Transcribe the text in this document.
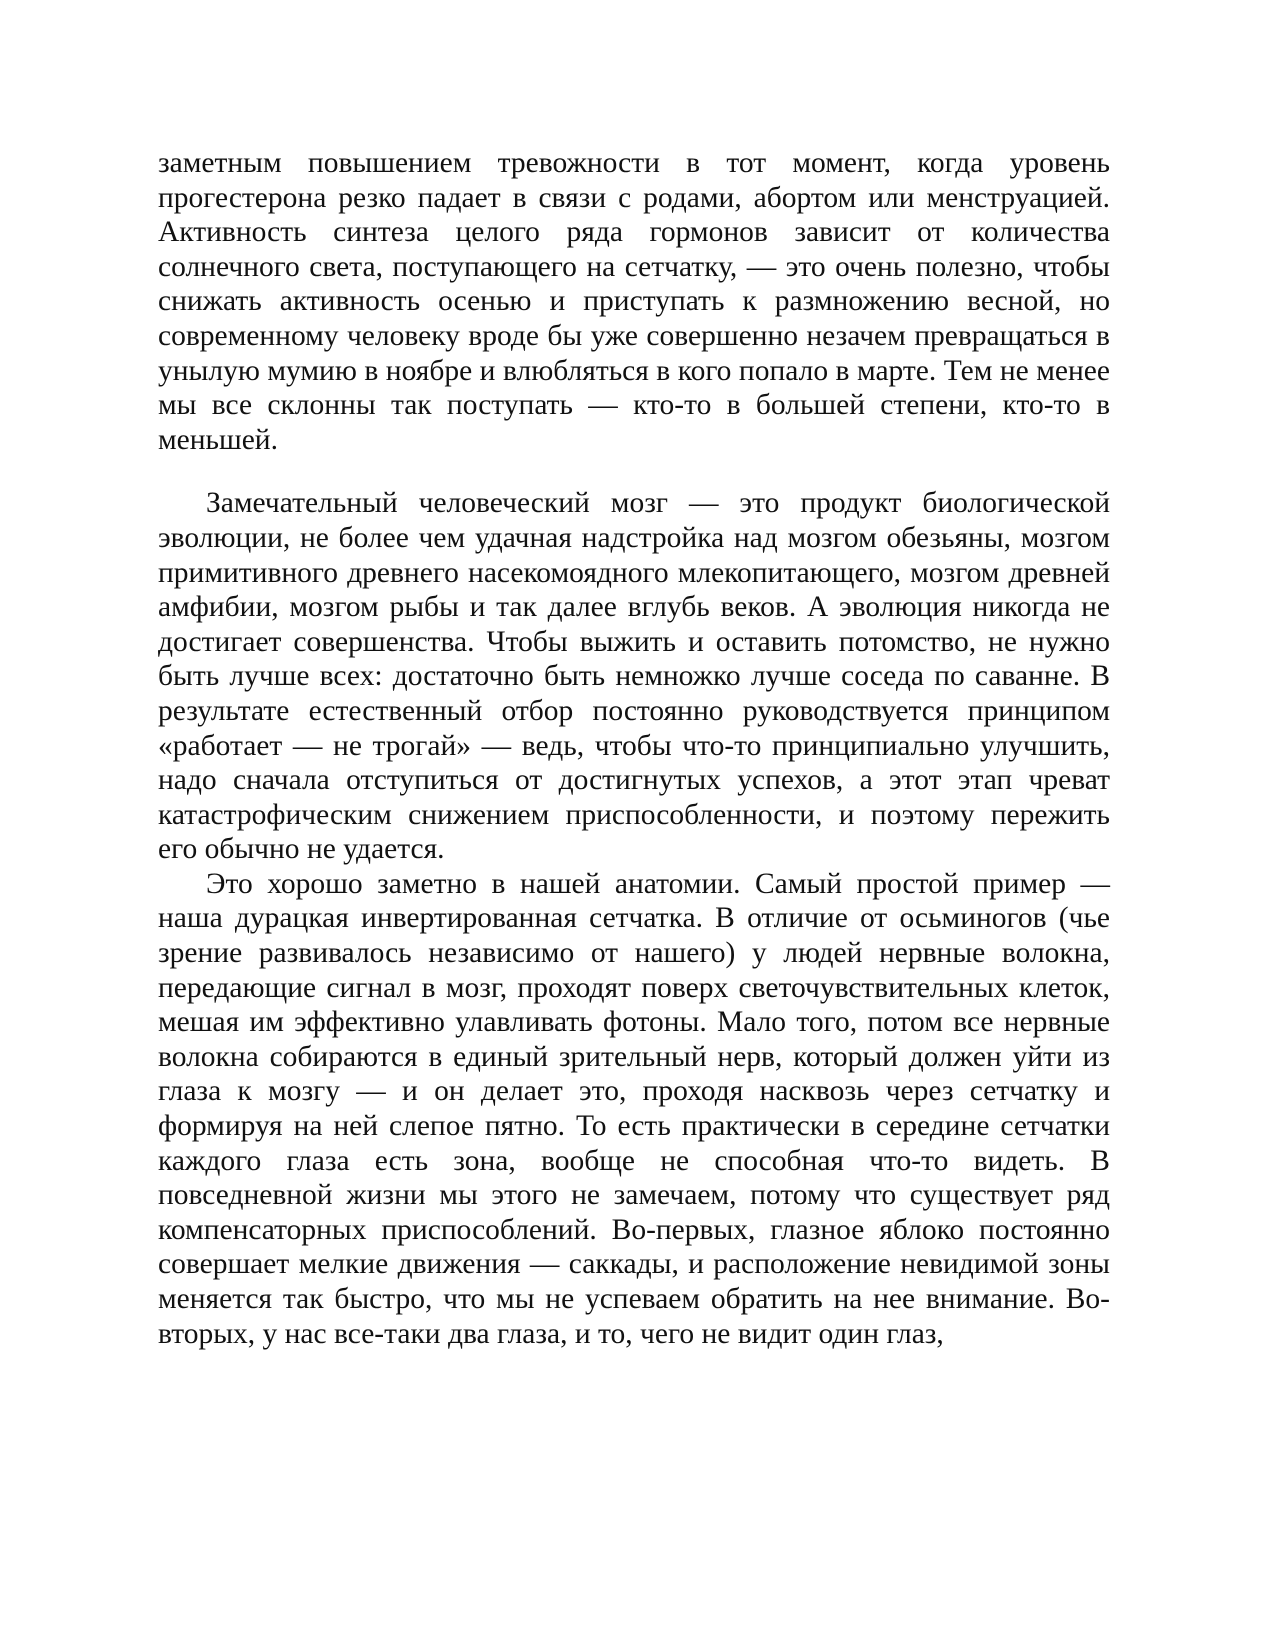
заметным повышением тревожности в тот момент, когда уровень прогестерона резко падает в связи с родами, абортом или менструацией. Активность синтеза целого ряда гормонов зависит от количества солнечного света, поступающего на сетчатку, — это очень полезно, чтобы снижать активность осенью и приступать к размножению весной, но современному человеку вроде бы уже совершенно незачем превращаться в унылую мумию в ноябре и влюбляться в кого попало в марте. Тем не менее мы все склонны так поступать — кто-то в большей степени, кто-то в меньшей.

Замечательный человеческий мозг — это продукт биологической эволюции, не более чем удачная надстройка над мозгом обезьяны, мозгом примитивного древнего насекомоядного млекопитающего, мозгом древней амфибии, мозгом рыбы и так далее вглубь веков. А эволюция никогда не достигает совершенства. Чтобы выжить и оставить потомство, не нужно быть лучше всех: достаточно быть немножко лучше соседа по саванне. В результате естественный отбор постоянно руководствуется принципом «работает — не трогай» — ведь, чтобы что-то принципиально улучшить, надо сначала отступиться от достигнутых успехов, а этот этап чреват катастрофическим снижением приспособленности, и поэтому пережить его обычно не удается.

Это хорошо заметно в нашей анатомии. Самый простой пример — наша дурацкая инвертированная сетчатка. В отличие от осьминогов (чье зрение развивалось независимо от нашего) у людей нервные волокна, передающие сигнал в мозг, проходят поверх светочувствительных клеток, мешая им эффективно улавливать фотоны. Мало того, потом все нервные волокна собираются в единый зрительный нерв, который должен уйти из глаза к мозгу — и он делает это, проходя насквозь через сетчатку и формируя на ней слепое пятно. То есть практически в середине сетчатки каждого глаза есть зона, вообще не способная что-то видеть. В повседневной жизни мы этого не замечаем, потому что существует ряд компенсаторных приспособлений. Во-первых, глазное яблоко постоянно совершает мелкие движения — саккады, и расположение невидимой зоны меняется так быстро, что мы не успеваем обратить на нее внимание. Во-вторых, у нас все-таки два глаза, и то, чего не видит один глаз,
